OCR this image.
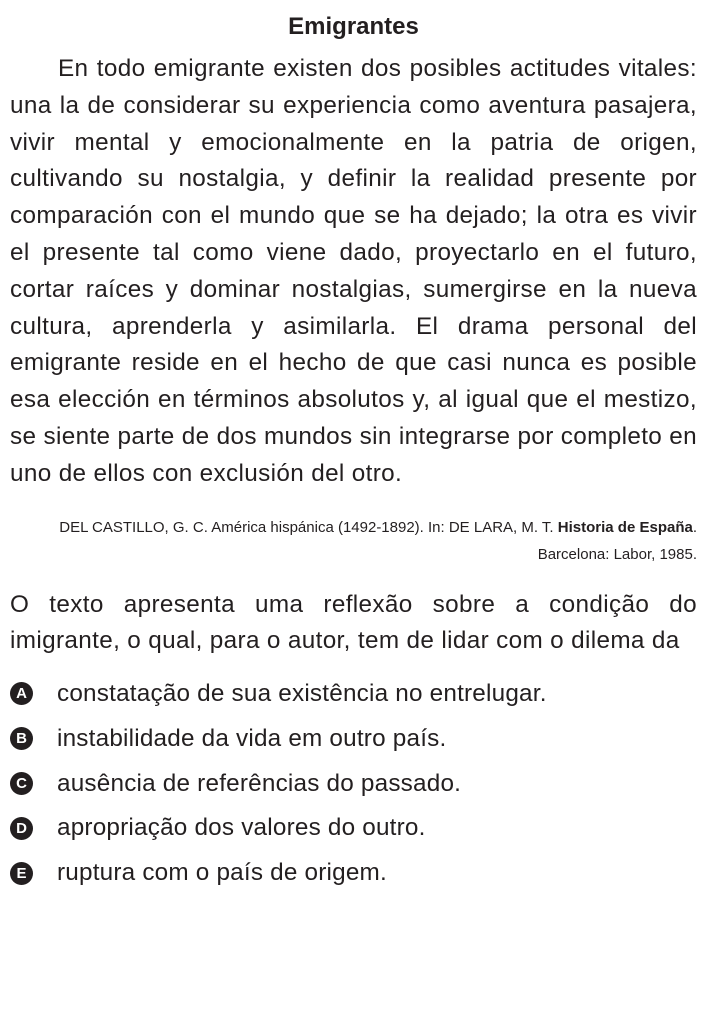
Emigrantes

En todo emigrante existen dos posibles actitudes vitales: una la de considerar su experiencia como aventura pasajera, vivir mental y emocionalmente en la patria de origen, cultivando su nostalgia, y definir la realidad presente por comparación con el mundo que se ha dejado; la otra es vivir el presente tal como viene dado, proyectarlo en el futuro, cortar raíces y dominar nostalgias, sumergirse en la nueva cultura, aprenderla y asimilarla. El drama personal del emigrante reside en el hecho de que casi nunca es posible esa elección en términos absolutos y, al igual que el mestizo, se siente parte de dos mundos sin integrarse por completo en uno de ellos con exclusión del otro.

DEL CASTILLO, G. C. América hispánica (1492-1892). In: DE LARA, M. T. Historia de España. Barcelona: Labor, 1985.

O texto apresenta uma reflexão sobre a condição do imigrante, o qual, para o autor, tem de lidar com o dilema da

A constatação de sua existência no entrelugar.
B instabilidade da vida em outro país.
C ausência de referências do passado.
D apropriação dos valores do outro.
E ruptura com o país de origem.
